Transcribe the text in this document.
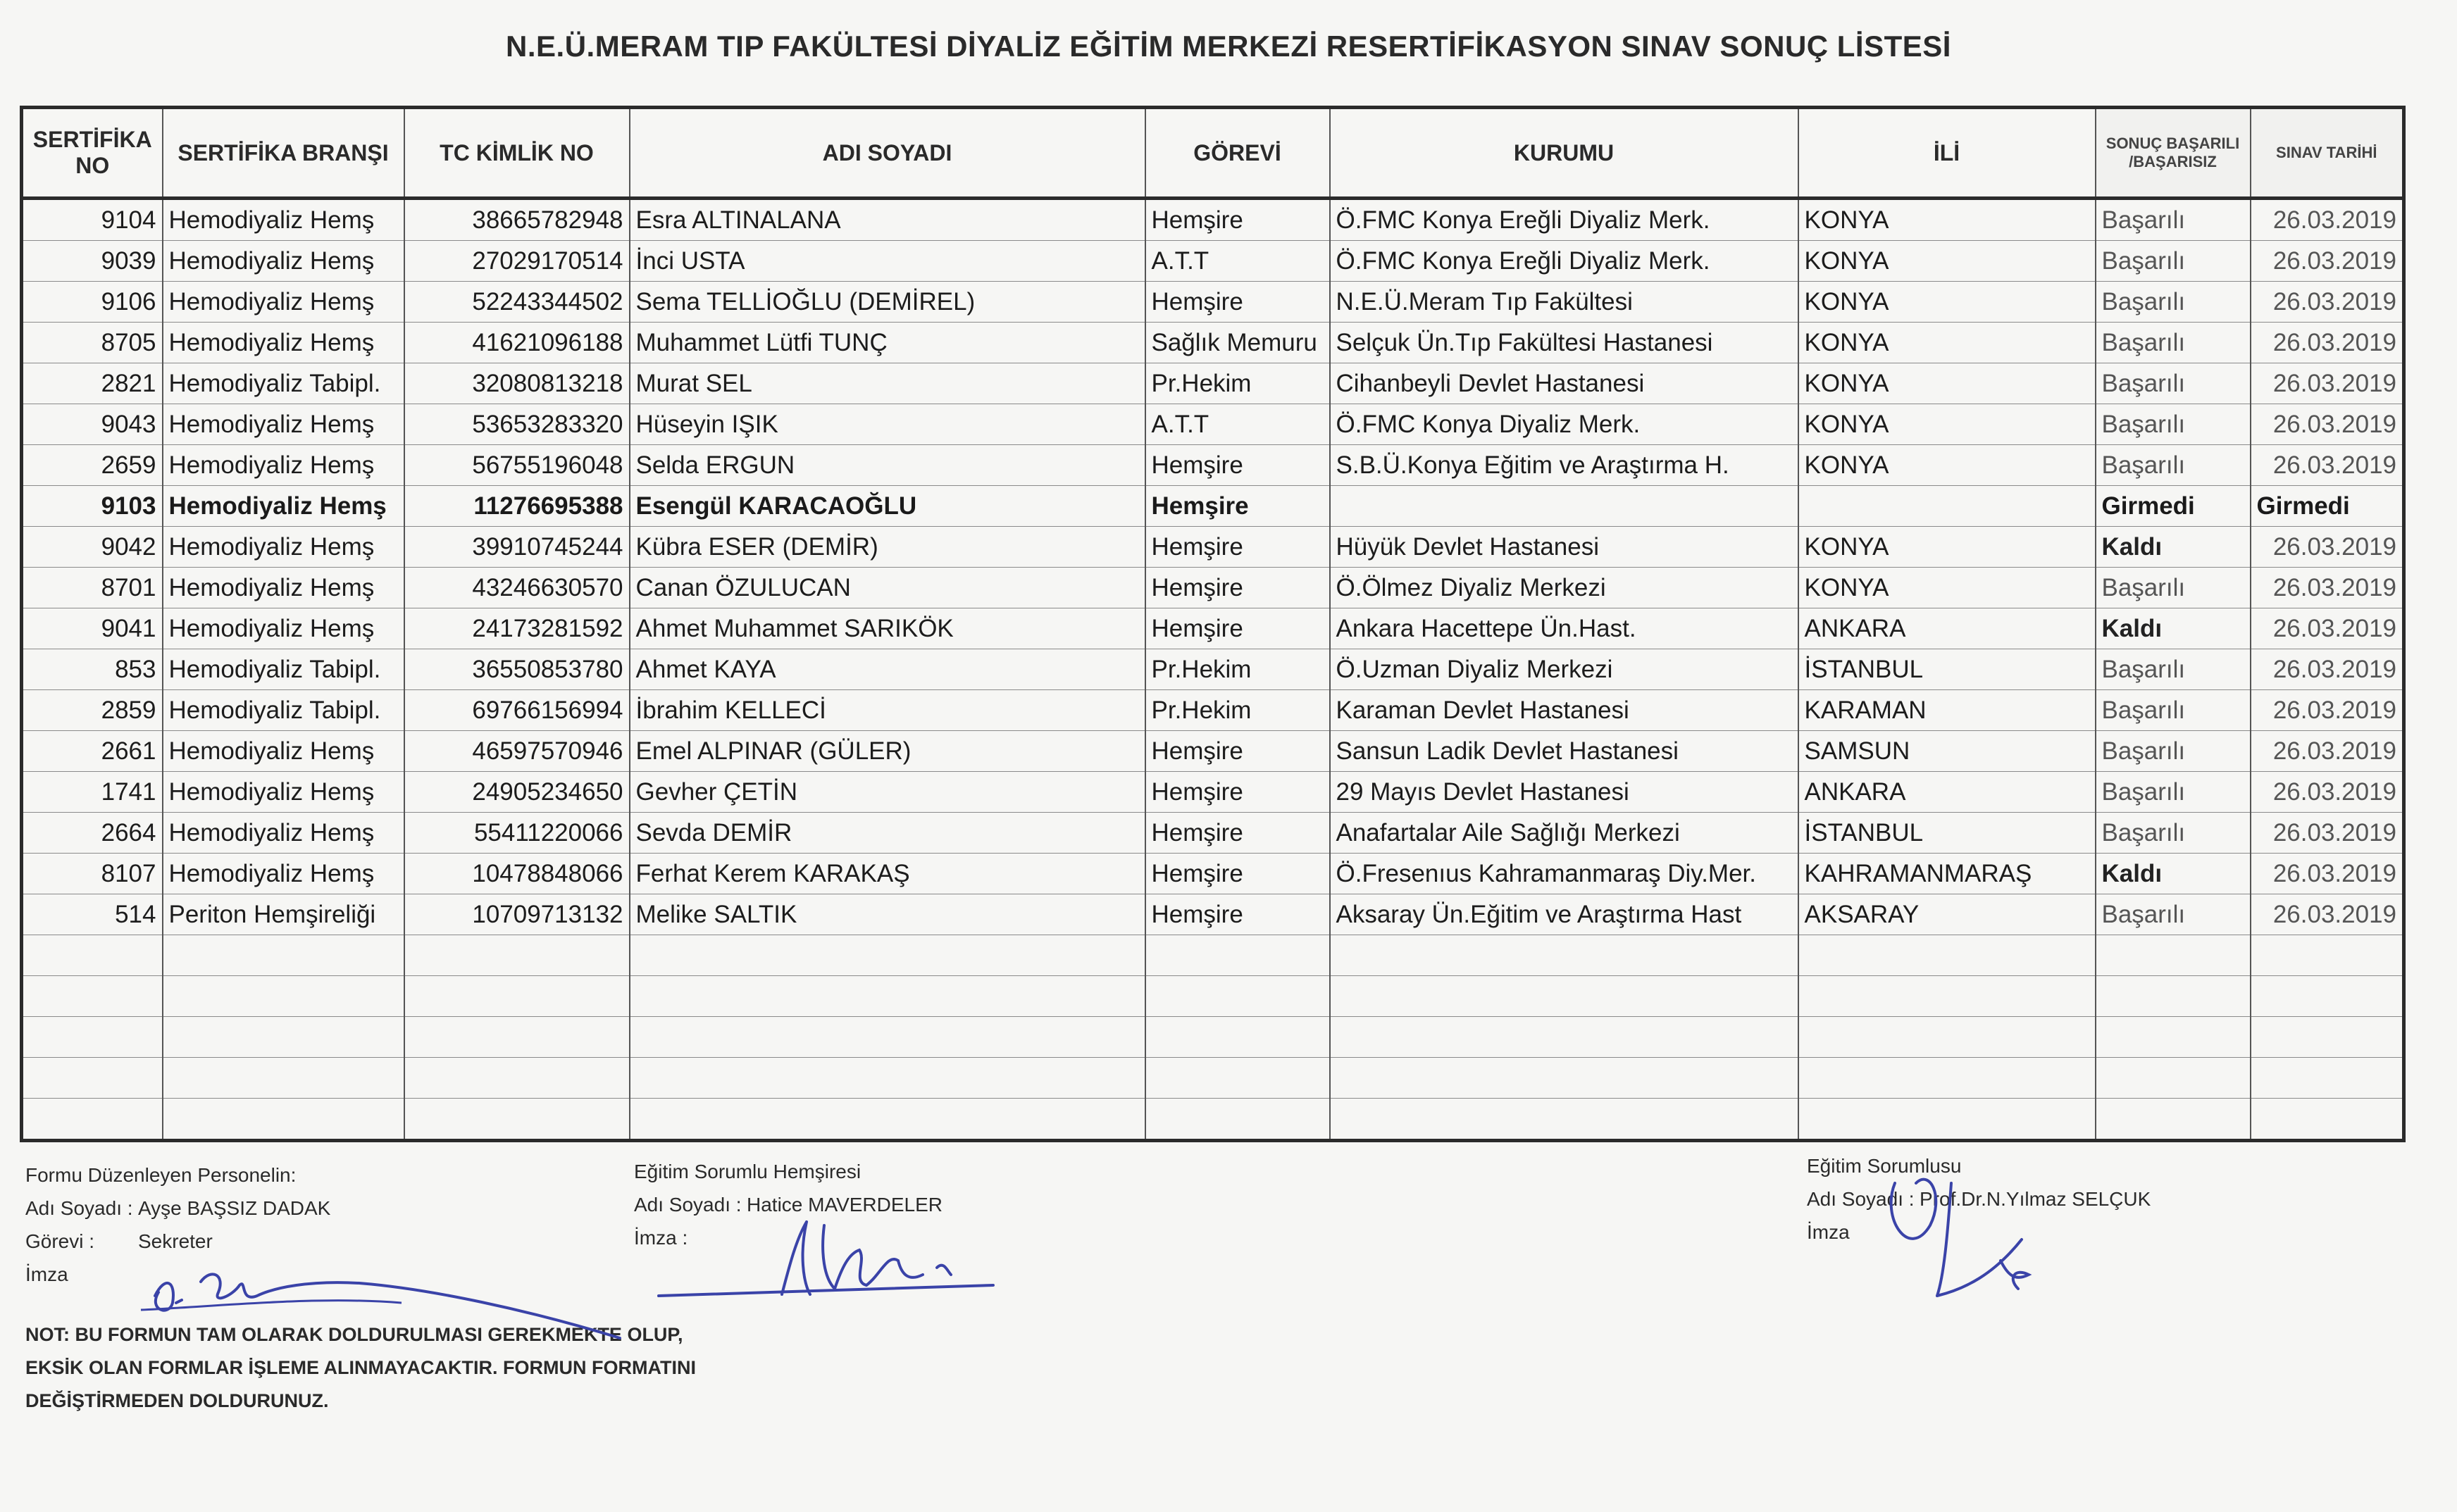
N.E.Ü.MERAM TIP FAKÜLTESİ DİYALİZ EĞİTİM MERKEZİ RESERTİFİKASYON SINAV SONUÇ LİSTESİ
SERTİFİKA NO	SERTİFİKA BRANŞI	TC KİMLİK NO	ADI SOYADI	GÖREVİ	KURUMU	İLİ	SONUÇ BAŞARILI /BAŞARISIZ	SINAV TARİHİ
9104	Hemodiyaliz Hemş	38665782948	Esra ALTINALANA	Hemşire	Ö.FMC Konya Ereğli Diyaliz Merk.	KONYA	Başarılı	26.03.2019
9039	Hemodiyaliz Hemş	27029170514	İnci USTA	A.T.T	Ö.FMC Konya Ereğli Diyaliz Merk.	KONYA	Başarılı	26.03.2019
9106	Hemodiyaliz Hemş	52243344502	Sema TELLİOĞLU (DEMİREL)	Hemşire	N.E.Ü.Meram Tıp Fakültesi	KONYA	Başarılı	26.03.2019
8705	Hemodiyaliz Hemş	41621096188	Muhammet Lütfi TUNÇ	Sağlık Memuru	Selçuk Ün.Tıp Fakültesi Hastanesi	KONYA	Başarılı	26.03.2019
2821	Hemodiyaliz Tabipl.	32080813218	Murat SEL	Pr.Hekim	Cihanbeyli Devlet Hastanesi	KONYA	Başarılı	26.03.2019
9043	Hemodiyaliz Hemş	53653283320	Hüseyin IŞIK	A.T.T	Ö.FMC Konya Diyaliz Merk.	KONYA	Başarılı	26.03.2019
2659	Hemodiyaliz Hemş	56755196048	Selda ERGUN	Hemşire	S.B.Ü.Konya Eğitim ve Araştırma H.	KONYA	Başarılı	26.03.2019
9103	Hemodiyaliz Hemş	11276695388	Esengül KARACAOĞLU	Hemşire			Girmedi	Girmedi
9042	Hemodiyaliz Hemş	39910745244	Kübra ESER (DEMİR)	Hemşire	Hüyük Devlet Hastanesi	KONYA	Kaldı	26.03.2019
8701	Hemodiyaliz Hemş	43246630570	Canan ÖZULUCAN	Hemşire	Ö.Ölmez Diyaliz Merkezi	KONYA	Başarılı	26.03.2019
9041	Hemodiyaliz Hemş	24173281592	Ahmet Muhammet SARIKÖK	Hemşire	Ankara Hacettepe Ün.Hast.	ANKARA	Kaldı	26.03.2019
853	Hemodiyaliz Tabipl.	36550853780	Ahmet KAYA	Pr.Hekim	Ö.Uzman Diyaliz Merkezi	İSTANBUL	Başarılı	26.03.2019
2859	Hemodiyaliz Tabipl.	69766156994	İbrahim KELLECİ	Pr.Hekim	Karaman Devlet Hastanesi	KARAMAN	Başarılı	26.03.2019
2661	Hemodiyaliz Hemş	46597570946	Emel ALPINAR (GÜLER)	Hemşire	Sansun Ladik Devlet Hastanesi	SAMSUN	Başarılı	26.03.2019
1741	Hemodiyaliz Hemş	24905234650	Gevher ÇETİN	Hemşire	29 Mayıs Devlet Hastanesi	ANKARA	Başarılı	26.03.2019
2664	Hemodiyaliz Hemş	55411220066	Sevda DEMİR	Hemşire	Anafartalar Aile Sağlığı Merkezi	İSTANBUL	Başarılı	26.03.2019
8107	Hemodiyaliz Hemş	10478848066	Ferhat Kerem KARAKAŞ	Hemşire	Ö.Fresenıus Kahramanmaraş Diy.Mer.	KAHRAMANMARAŞ	Kaldı	26.03.2019
514	Periton Hemşireliği	10709713132	Melike SALTIK	Hemşire	Aksaray Ün.Eğitim ve Araştırma Hast	AKSARAY	Başarılı	26.03.2019

Formu Düzenleyen Personelin:
Adı Soyadı : Ayşe BAŞSIZ DADAK
Görevi : Sekreter
İmza
Eğitim Sorumlu Hemşiresi
Adı Soyadı : Hatice MAVERDELER
İmza :
Eğitim Sorumlusu
Adı Soyadı : Prof.Dr.N.Yılmaz SELÇUK
İmza
NOT: BU FORMUN TAM OLARAK DOLDURULMASI GEREKMEKTE OLUP,
EKSİK OLAN FORMLAR İŞLEME ALINMAYACAKTIR. FORMUN FORMATINI
DEĞİŞTİRMEDEN DOLDURUNUZ.
